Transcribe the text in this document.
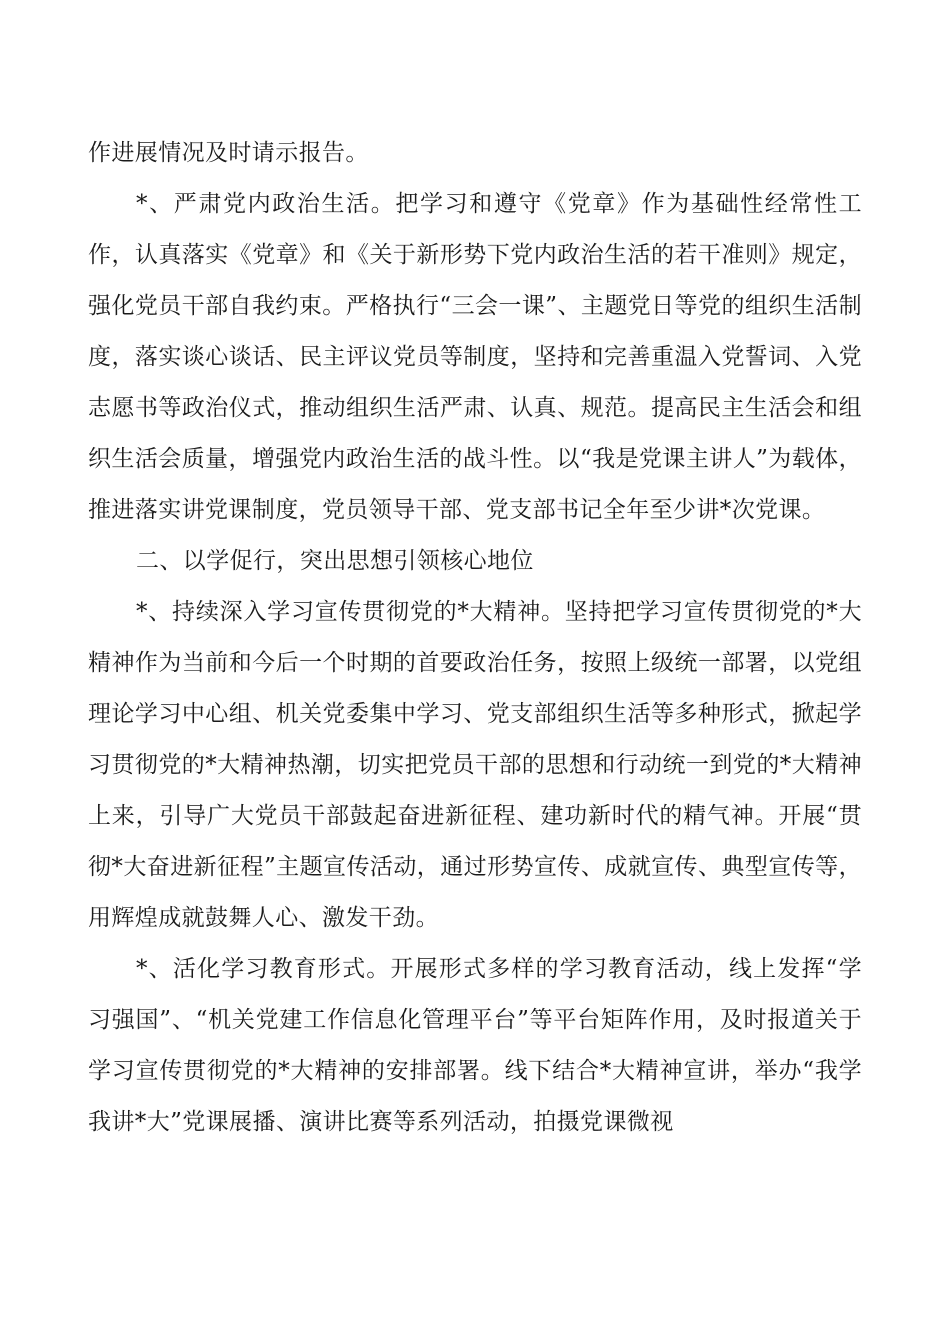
作进展情况及时请示报告。

*、严肃党内政治生活。把学习和遵守《党章》作为基础性经常性工作，认真落实《党章》和《关于新形势下党内政治生活的若干准则》规定，强化党员干部自我约束。严格执行“三会一课”、主题党日等党的组织生活制度，落实谈心谈话、民主评议党员等制度，坚持和完善重温入党誓词、入党志愿书等政治仪式，推动组织生活严肃、认真、规范。提高民主生活会和组织生活会质量，增强党内政治生活的战斗性。以“我是党课主讲人”为载体，推进落实讲党课制度，党员领导干部、党支部书记全年至少讲*次党课。

二、以学促行，突出思想引领核心地位

*、持续深入学习宣传贯彻党的*大精神。坚持把学习宣传贯彻党的*大精神作为当前和今后一个时期的首要政治任务，按照上级统一部署，以党组理论学习中心组、机关党委集中学习、党支部组织生活等多种形式，掀起学习贯彻党的*大精神热潮，切实把党员干部的思想和行动统一到党的*大精神上来，引导广大党员干部鼓起奋进新征程、建功新时代的精气神。开展“贯彻*大奋进新征程”主题宣传活动，通过形势宣传、成就宣传、典型宣传等，用辉煌成就鼓舞人心、激发干劲。

*、活化学习教育形式。开展形式多样的学习教育活动，线上发挥“学习强国”、“机关党建工作信息化管理平台”等平台矩阵作用，及时报道关于学习宣传贯彻党的*大精神的安排部署。线下结合*大精神宣讲，举办“我学我讲*大”党课展播、演讲比赛等系列活动，拍摄党课微视
